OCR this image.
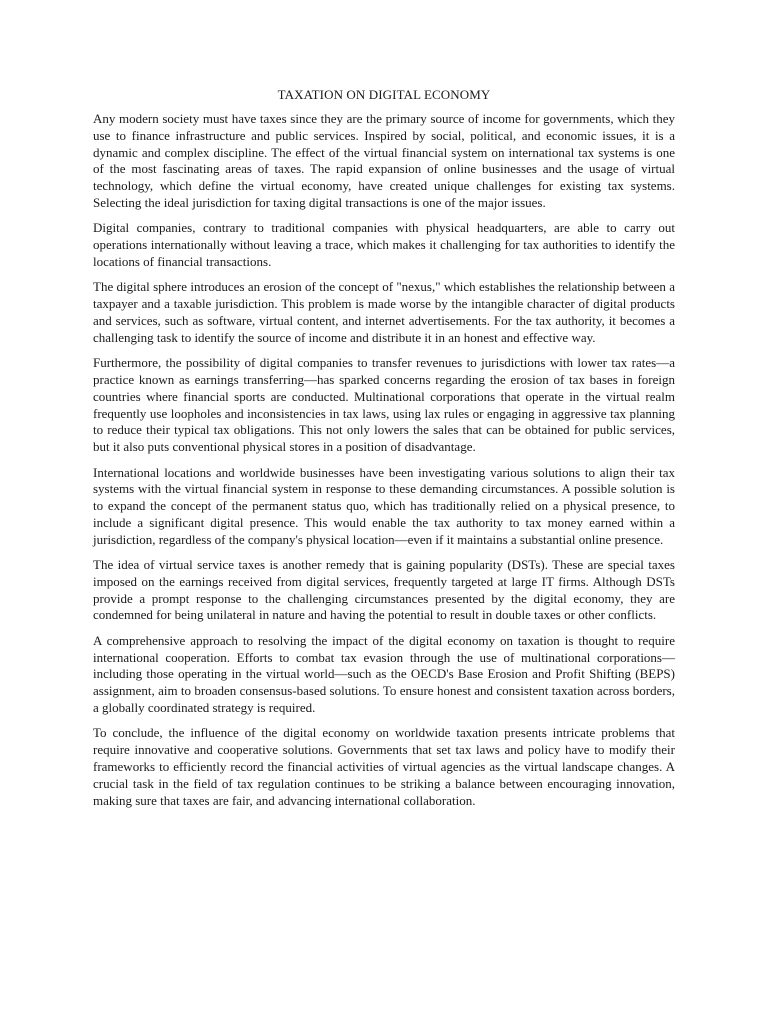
TAXATION ON DIGITAL ECONOMY

Any modern society must have taxes since they are the primary source of income for governments, which they use to finance infrastructure and public services. Inspired by social, political, and economic issues, it is a dynamic and complex discipline. The effect of the virtual financial system on international tax systems is one of the most fascinating areas of taxes. The rapid expansion of online businesses and the usage of virtual technology, which define the virtual economy, have created unique challenges for existing tax systems. Selecting the ideal jurisdiction for taxing digital transactions is one of the major issues.

Digital companies, contrary to traditional companies with physical headquarters, are able to carry out operations internationally without leaving a trace, which makes it challenging for tax authorities to identify the locations of financial transactions.

The digital sphere introduces an erosion of the concept of "nexus," which establishes the relationship between a taxpayer and a taxable jurisdiction. This problem is made worse by the intangible character of digital products and services, such as software, virtual content, and internet advertisements. For the tax authority, it becomes a challenging task to identify the source of income and distribute it in an honest and effective way.

Furthermore, the possibility of digital companies to transfer revenues to jurisdictions with lower tax rates—a practice known as earnings transferring—has sparked concerns regarding the erosion of tax bases in foreign countries where financial sports are conducted. Multinational corporations that operate in the virtual realm frequently use loopholes and inconsistencies in tax laws, using lax rules or engaging in aggressive tax planning to reduce their typical tax obligations. This not only lowers the sales that can be obtained for public services, but it also puts conventional physical stores in a position of disadvantage.

International locations and worldwide businesses have been investigating various solutions to align their tax systems with the virtual financial system in response to these demanding circumstances. A possible solution is to expand the concept of the permanent status quo, which has traditionally relied on a physical presence, to include a significant digital presence. This would enable the tax authority to tax money earned within a jurisdiction, regardless of the company's physical location—even if it maintains a substantial online presence.

The idea of virtual service taxes is another remedy that is gaining popularity (DSTs). These are special taxes imposed on the earnings received from digital services, frequently targeted at large IT firms. Although DSTs provide a prompt response to the challenging circumstances presented by the digital economy, they are condemned for being unilateral in nature and having the potential to result in double taxes or other conflicts.

A comprehensive approach to resolving the impact of the digital economy on taxation is thought to require international cooperation. Efforts to combat tax evasion through the use of multinational corporations—including those operating in the virtual world—such as the OECD's Base Erosion and Profit Shifting (BEPS) assignment, aim to broaden consensus-based solutions. To ensure honest and consistent taxation across borders, a globally coordinated strategy is required.

To conclude, the influence of the digital economy on worldwide taxation presents intricate problems that require innovative and cooperative solutions. Governments that set tax laws and policy have to modify their frameworks to efficiently record the financial activities of virtual agencies as the virtual landscape changes. A crucial task in the field of tax regulation continues to be striking a balance between encouraging innovation, making sure that taxes are fair, and advancing international collaboration.
